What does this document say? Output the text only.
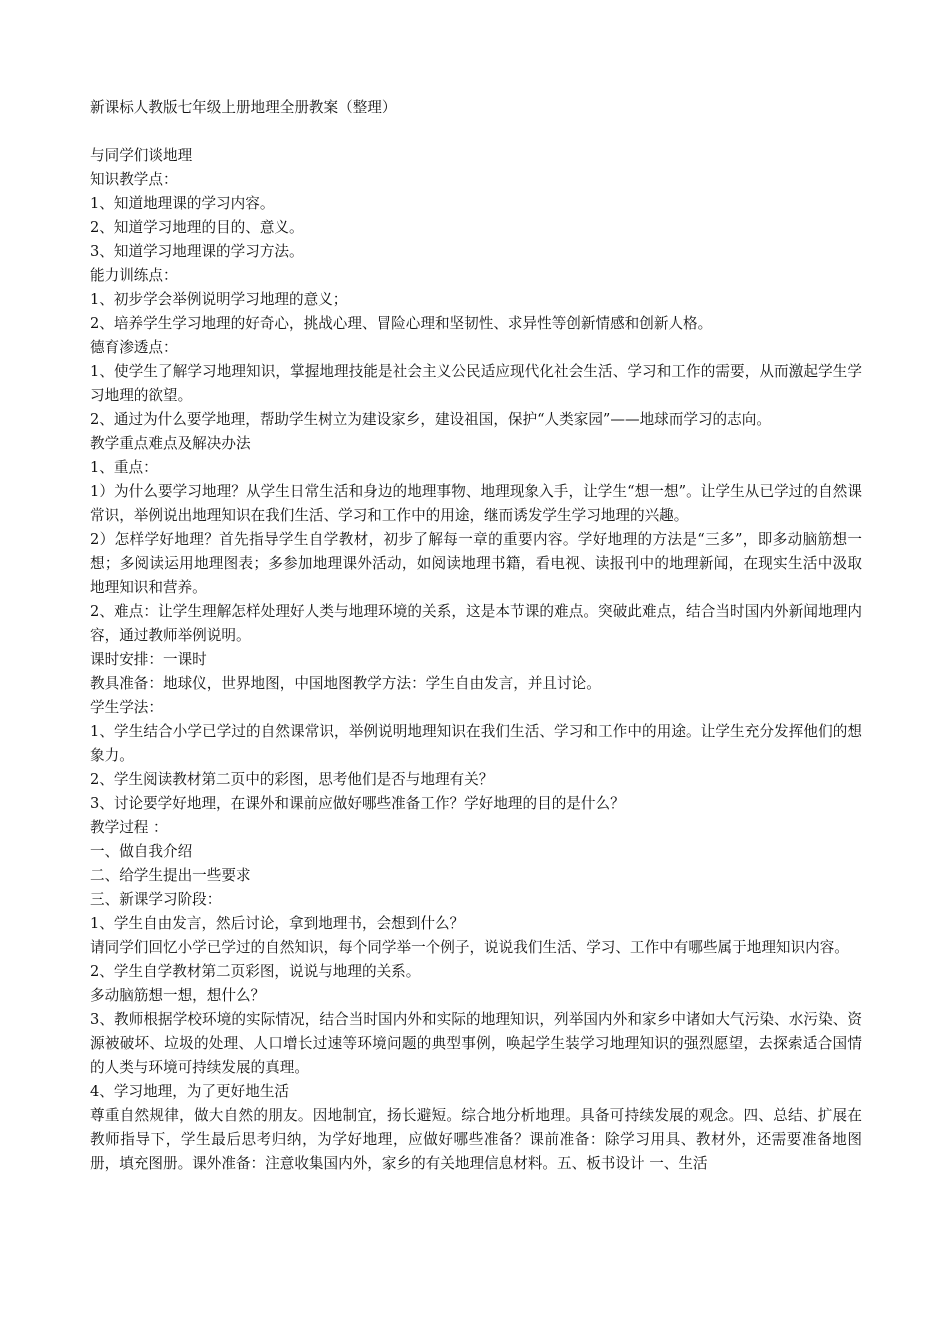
新课标人教版七年级上册地理全册教案（整理）

与同学们谈地理

知识教学点：

1、知道地理课的学习内容。

2、知道学习地理的目的、意义。

3、知道学习地理课的学习方法。

能力训练点：

1、初步学会举例说明学习地理的意义；

2、培养学生学习地理的好奇心，挑战心理、冒险心理和坚韧性、求异性等创新情感和创新人格。

德育渗透点：

1、使学生了解学习地理知识，掌握地理技能是社会主义公民适应现代化社会生活、学习和工作的需要，从而激起学生学习地理的欲望。

2、通过为什么要学地理，帮助学生树立为建设家乡，建设祖国，保护“人类家园”——地球而学习的志向。

教学重点难点及解决办法

1、重点：

1）为什么要学习地理？从学生日常生活和身边的地理事物、地理现象入手，让学生“想一想”。让学生从已学过的自然课常识，举例说出地理知识在我们生活、学习和工作中的用途，继而诱发学生学习地理的兴趣。

2）怎样学好地理？首先指导学生自学教材，初步了解每一章的重要内容。学好地理的方法是“三多”，即多动脑筋想一想；多阅读运用地理图表；多参加地理课外活动，如阅读地理书籍，看电视、读报刊中的地理新闻，在现实生活中汲取地理知识和营养。

2、难点：让学生理解怎样处理好人类与地理环境的关系，这是本节课的难点。突破此难点，结合当时国内外新闻地理内容，通过教师举例说明。

课时安排：一课时

教具准备：地球仪，世界地图，中国地图教学方法：学生自由发言，并且讨论。

学生学法：

1、学生结合小学已学过的自然课常识，举例说明地理知识在我们生活、学习和工作中的用途。让学生充分发挥他们的想象力。

2、学生阅读教材第二页中的彩图，思考他们是否与地理有关？

3、讨论要学好地理，在课外和课前应做好哪些准备工作？学好地理的目的是什么？

教学过程 ：

一、做自我介绍

二、给学生提出一些要求

三、新课学习阶段：

1、学生自由发言，然后讨论，拿到地理书，会想到什么？

请同学们回忆小学已学过的自然知识，每个同学举一个例子，说说我们生活、学习、工作中有哪些属于地理知识内容。

2、学生自学教材第二页彩图，说说与地理的关系。

多动脑筋想一想，想什么？

3、教师根据学校环境的实际情况，结合当时国内外和实际的地理知识，列举国内外和家乡中诸如大气污染、水污染、资源被破坏、垃圾的处理、人口增长过速等环境问题的典型事例，唤起学生装学习地理知识的强烈愿望，去探索适合国情的人类与环境可持续发展的真理。

4、学习地理，为了更好地生活

尊重自然规律，做大自然的朋友。因地制宜，扬长避短。综合地分析地理。具备可持续发展的观念。四、总结、扩展在教师指导下，学生最后思考归纳，为学好地理，应做好哪些准备？课前准备：除学习用具、教材外，还需要准备地图册，填充图册。课外准备：注意收集国内外，家乡的有关地理信息材料。五、板书设计 一、生活
